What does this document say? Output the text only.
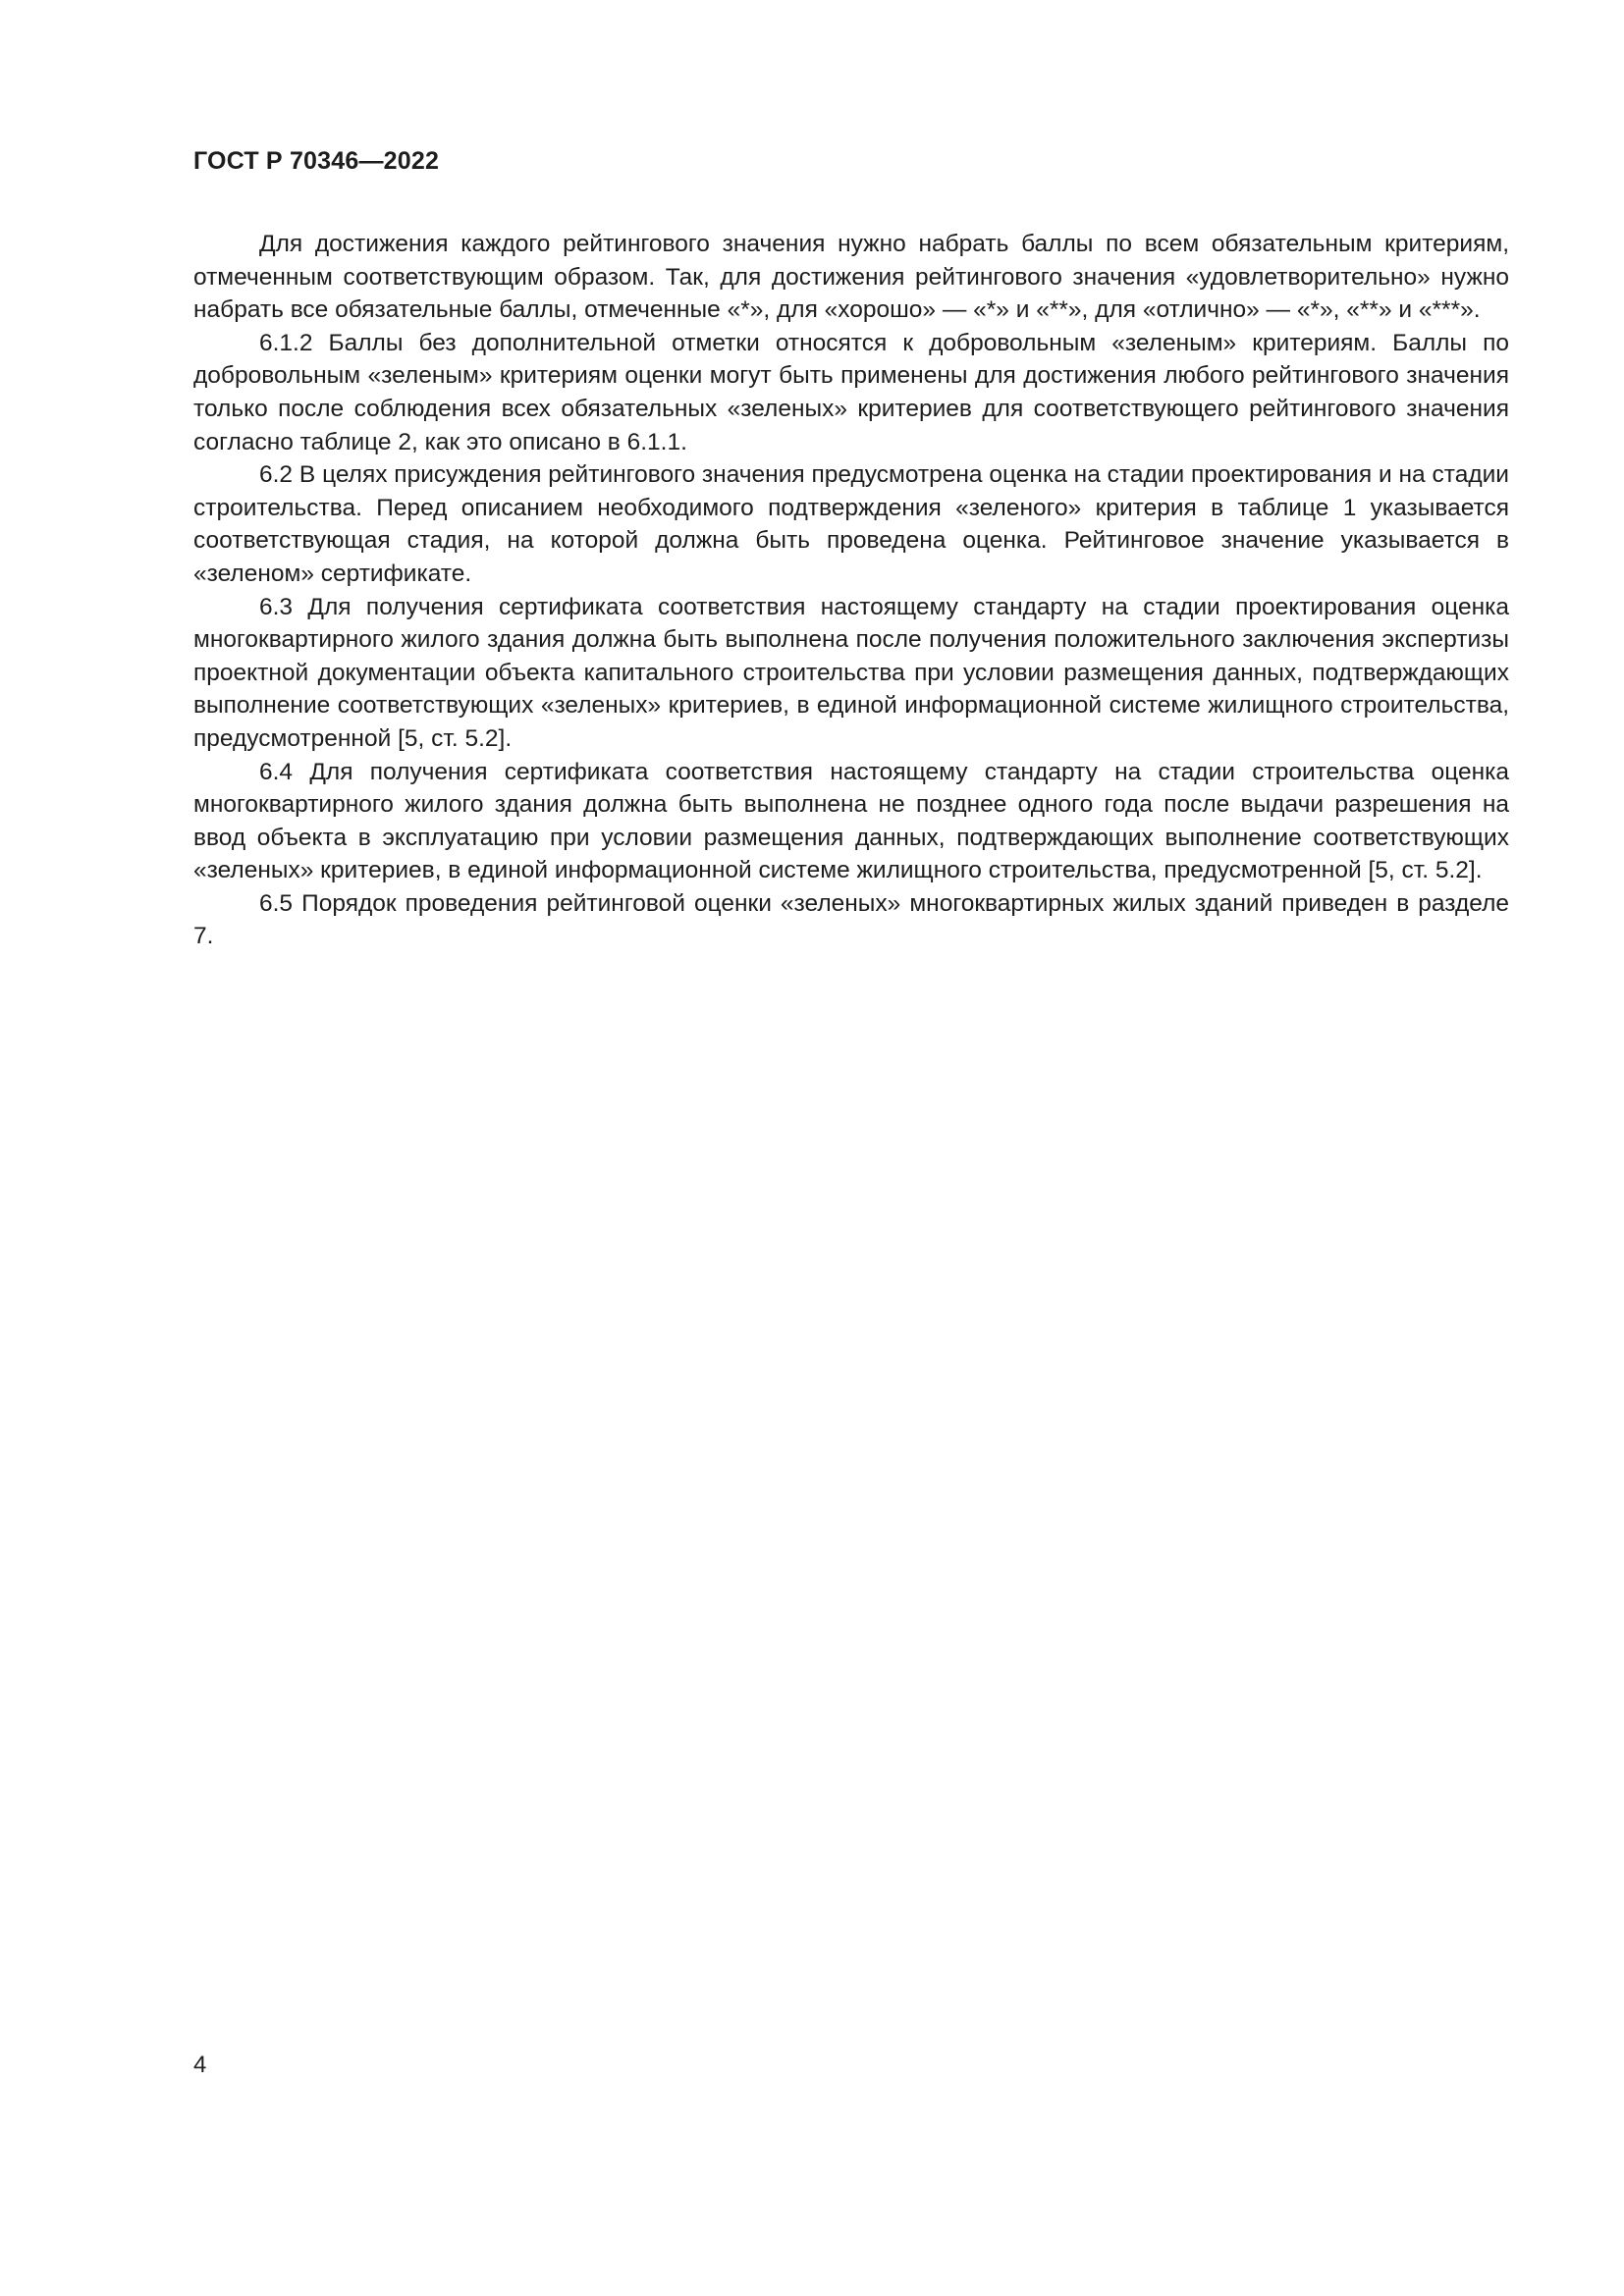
ГОСТ Р 70346—2022

Для достижения каждого рейтингового значения нужно набрать баллы по всем обязательным критериям, отмеченным соответствующим образом. Так, для достижения рейтингового значения «удовлетворительно» нужно набрать все обязательные баллы, отмеченные «*», для «хорошо» — «*» и «**», для «отлично» — «*», «**» и «***».

6.1.2 Баллы без дополнительной отметки относятся к добровольным «зеленым» критериям. Баллы по добровольным «зеленым» критериям оценки могут быть применены для достижения любого рейтингового значения только после соблюдения всех обязательных «зеленых» критериев для соответствующего рейтингового значения согласно таблице 2, как это описано в 6.1.1.

6.2 В целях присуждения рейтингового значения предусмотрена оценка на стадии проектирования и на стадии строительства. Перед описанием необходимого подтверждения «зеленого» критерия в таблице 1 указывается соответствующая стадия, на которой должна быть проведена оценка. Рейтинговое значение указывается в «зеленом» сертификате.

6.3 Для получения сертификата соответствия настоящему стандарту на стадии проектирования оценка многоквартирного жилого здания должна быть выполнена после получения положительного заключения экспертизы проектной документации объекта капитального строительства при условии размещения данных, подтверждающих выполнение соответствующих «зеленых» критериев, в единой информационной системе жилищного строительства, предусмотренной [5, ст. 5.2].

6.4 Для получения сертификата соответствия настоящему стандарту на стадии строительства оценка многоквартирного жилого здания должна быть выполнена не позднее одного года после выдачи разрешения на ввод объекта в эксплуатацию при условии размещения данных, подтверждающих выполнение соответствующих «зеленых» критериев, в единой информационной системе жилищного строительства, предусмотренной [5, ст. 5.2].

6.5 Порядок проведения рейтинговой оценки «зеленых» многоквартирных жилых зданий приведен в разделе 7.

4
